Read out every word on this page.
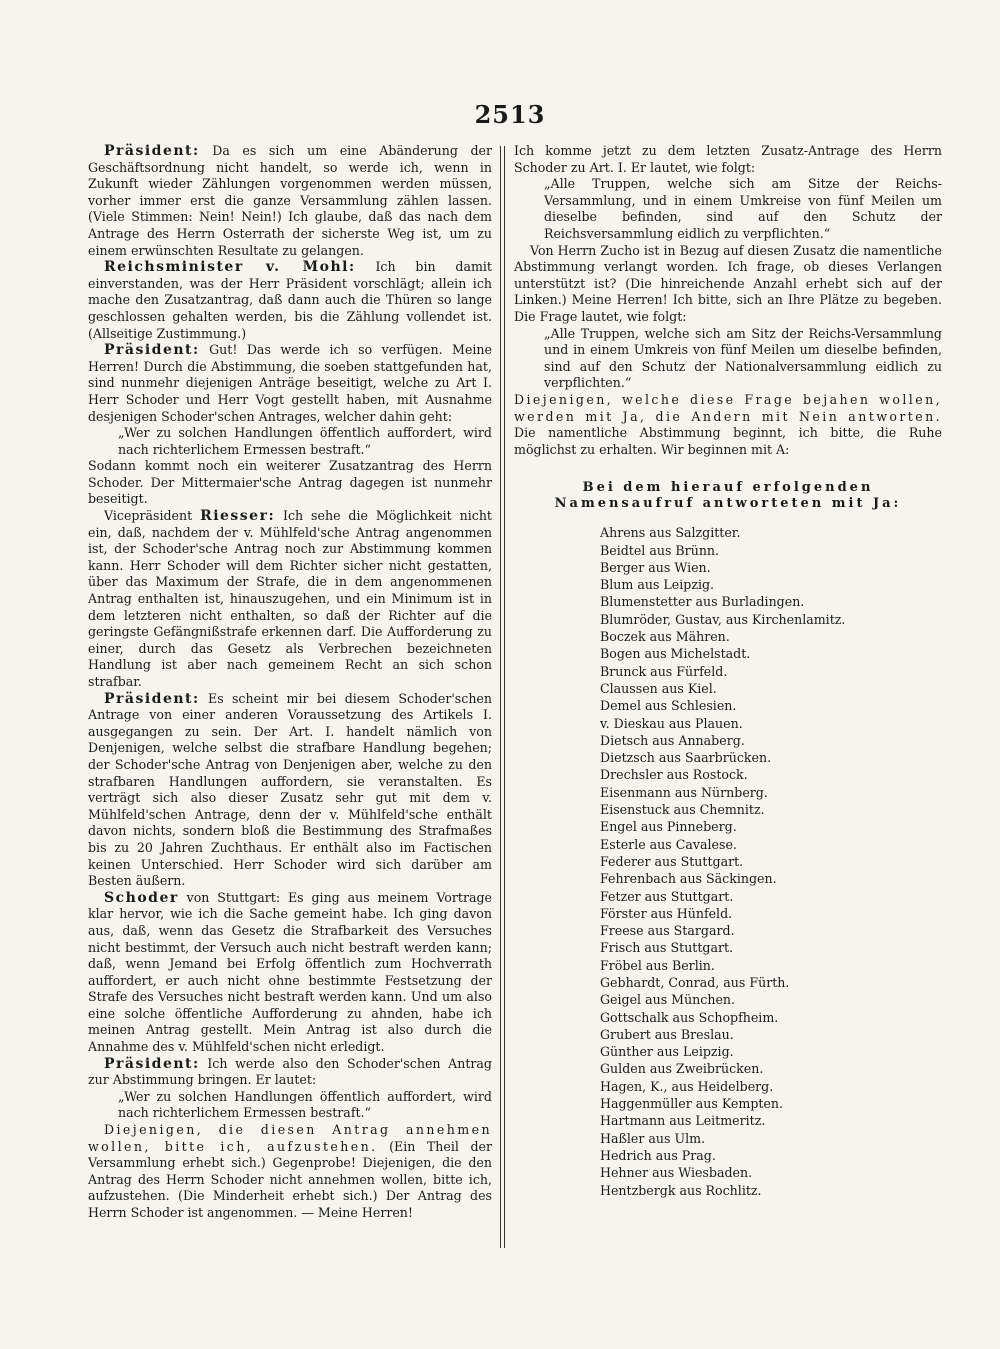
2513

Präsident: Da es sich um eine Abänderung der Geschäftsordnung nicht handelt, so werde ich, wenn in Zukunft wieder Zählungen vorgenommen werden müssen, vorher immer erst die ganze Versammlung zählen lassen. (Viele Stimmen: Nein! Nein!) Ich glaube, daß das nach dem Antrage des Herrn Osterrath der sicherste Weg ist, um zu einem erwünschten Resultate zu gelangen.

Reichsminister v. Mohl: Ich bin damit einverstanden, was der Herr Präsident vorschlägt; allein ich mache den Zusatzantrag, daß dann auch die Thüren so lange geschlossen gehalten werden, bis die Zählung vollendet ist. (Allseitige Zustimmung.)

Präsident: Gut! Das werde ich so verfügen. Meine Herren! Durch die Abstimmung, die soeben stattgefunden hat, sind nunmehr diejenigen Anträge beseitigt, welche zu Art I. Herr Schoder und Herr Vogt gestellt haben, mit Ausnahme desjenigen Schoder'schen Antrages, welcher dahin geht:

„Wer zu solchen Handlungen öffentlich auffordert, wird nach richterlichem Ermessen bestraft.“

Sodann kommt noch ein weiterer Zusatzantrag des Herrn Schoder. Der Mittermaier'sche Antrag dagegen ist nunmehr beseitigt.

Vicepräsident Riesser: Ich sehe die Möglichkeit nicht ein, daß, nachdem der v. Mühlfeld'sche Antrag angenommen ist, der Schoder'sche Antrag noch zur Abstimmung kommen kann. Herr Schoder will dem Richter sicher nicht gestatten, über das Maximum der Strafe, die in dem angenommenen Antrag enthalten ist, hinauszugehen, und ein Minimum ist in dem letzteren nicht enthalten, so daß der Richter auf die geringste Gefängnißstrafe erkennen darf. Die Aufforderung zu einer, durch das Gesetz als Verbrechen bezeichneten Handlung ist aber nach gemeinem Recht an sich schon strafbar.

Präsident: Es scheint mir bei diesem Schoder'schen Antrage von einer anderen Voraussetzung des Artikels I. ausgegangen zu sein. Der Art. I. handelt nämlich von Denjenigen, welche selbst die strafbare Handlung begehen; der Schoder'sche Antrag von Denjenigen aber, welche zu den strafbaren Handlungen auffordern, sie veranstalten. Es verträgt sich also dieser Zusatz sehr gut mit dem v. Mühlfeld'schen Antrage, denn der v. Mühlfeld'sche enthält davon nichts, sondern bloß die Bestimmung des Strafmaßes bis zu 20 Jahren Zuchthaus. Er enthält also im Factischen keinen Unterschied. Herr Schoder wird sich darüber am Besten äußern.

Schoder von Stuttgart: Es ging aus meinem Vortrage klar hervor, wie ich die Sache gemeint habe. Ich ging davon aus, daß, wenn das Gesetz die Strafbarkeit des Versuches nicht bestimmt, der Versuch auch nicht bestraft werden kann; daß, wenn Jemand bei Erfolg öffentlich zum Hochverrath auffordert, er auch nicht ohne bestimmte Festsetzung der Strafe des Versuches nicht bestraft werden kann. Und um also eine solche öffentliche Aufforderung zu ahnden, habe ich meinen Antrag gestellt. Mein Antrag ist also durch die Annahme des v. Mühlfeld'schen nicht erledigt.

Präsident: Ich werde also den Schoder'schen Antrag zur Abstimmung bringen. Er lautet:

„Wer zu solchen Handlungen öffentlich auffordert, wird nach richterlichem Ermessen bestraft.“

Diejenigen, die diesen Antrag annehmen wollen, bitte ich, aufzustehen. (Ein Theil der Versammlung erhebt sich.) Gegenprobe! Diejenigen, die den Antrag des Herrn Schoder nicht annehmen wollen, bitte ich, aufzustehen. (Die Minderheit erhebt sich.) Der Antrag des Herrn Schoder ist angenommen. — Meine Herren!

Ich komme jetzt zu dem letzten Zusatz-Antrage des Herrn Schoder zu Art. I. Er lautet, wie folgt:

„Alle Truppen, welche sich am Sitze der Reichs-Versammlung, und in einem Umkreise von fünf Meilen um dieselbe befinden, sind auf den Schutz der Reichsversammlung eidlich zu verpflichten.“

Von Herrn Zucho ist in Bezug auf diesen Zusatz die namentliche Abstimmung verlangt worden. Ich frage, ob dieses Verlangen unterstützt ist? (Die hinreichende Anzahl erhebt sich auf der Linken.) Meine Herren! Ich bitte, sich an Ihre Plätze zu begeben. Die Frage lautet, wie folgt:

„Alle Truppen, welche sich am Sitz der Reichs-Versammlung und in einem Umkreis von fünf Meilen um dieselbe befinden, sind auf den Schutz der Nationalversammlung eidlich zu verpflichten.“

Diejenigen, welche diese Frage bejahen wollen, werden mit Ja, die Andern mit Nein antworten. Die namentliche Abstimmung beginnt, ich bitte, die Ruhe möglichst zu erhalten. Wir beginnen mit A:

Bei dem hierauf erfolgenden Namensaufruf antworteten mit Ja:
Ahrens aus Salzgitter.
Beidtel aus Brünn.
Berger aus Wien.
Blum aus Leipzig.
Blumenstetter aus Burladingen.
Blumröder, Gustav, aus Kirchenlamitz.
Boczek aus Mähren.
Bogen aus Michelstadt.
Brunck aus Fürfeld.
Claussen aus Kiel.
Demel aus Schlesien.
v. Dieskau aus Plauen.
Dietsch aus Annaberg.
Dietzsch aus Saarbrücken.
Drechsler aus Rostock.
Eisenmann aus Nürnberg.
Eisenstuck aus Chemnitz.
Engel aus Pinneberg.
Esterle aus Cavalese.
Federer aus Stuttgart.
Fehrenbach aus Säckingen.
Fetzer aus Stuttgart.
Förster aus Hünfeld.
Freese aus Stargard.
Frisch aus Stuttgart.
Fröbel aus Berlin.
Gebhardt, Conrad, aus Fürth.
Geigel aus München.
Gottschalk aus Schopfheim.
Grubert aus Breslau.
Günther aus Leipzig.
Gulden aus Zweibrücken.
Hagen, K., aus Heidelberg.
Haggenmüller aus Kempten.
Hartmann aus Leitmeritz.
Haßler aus Ulm.
Hedrich aus Prag.
Hehner aus Wiesbaden.
Hentzbergk aus Rochlitz.
